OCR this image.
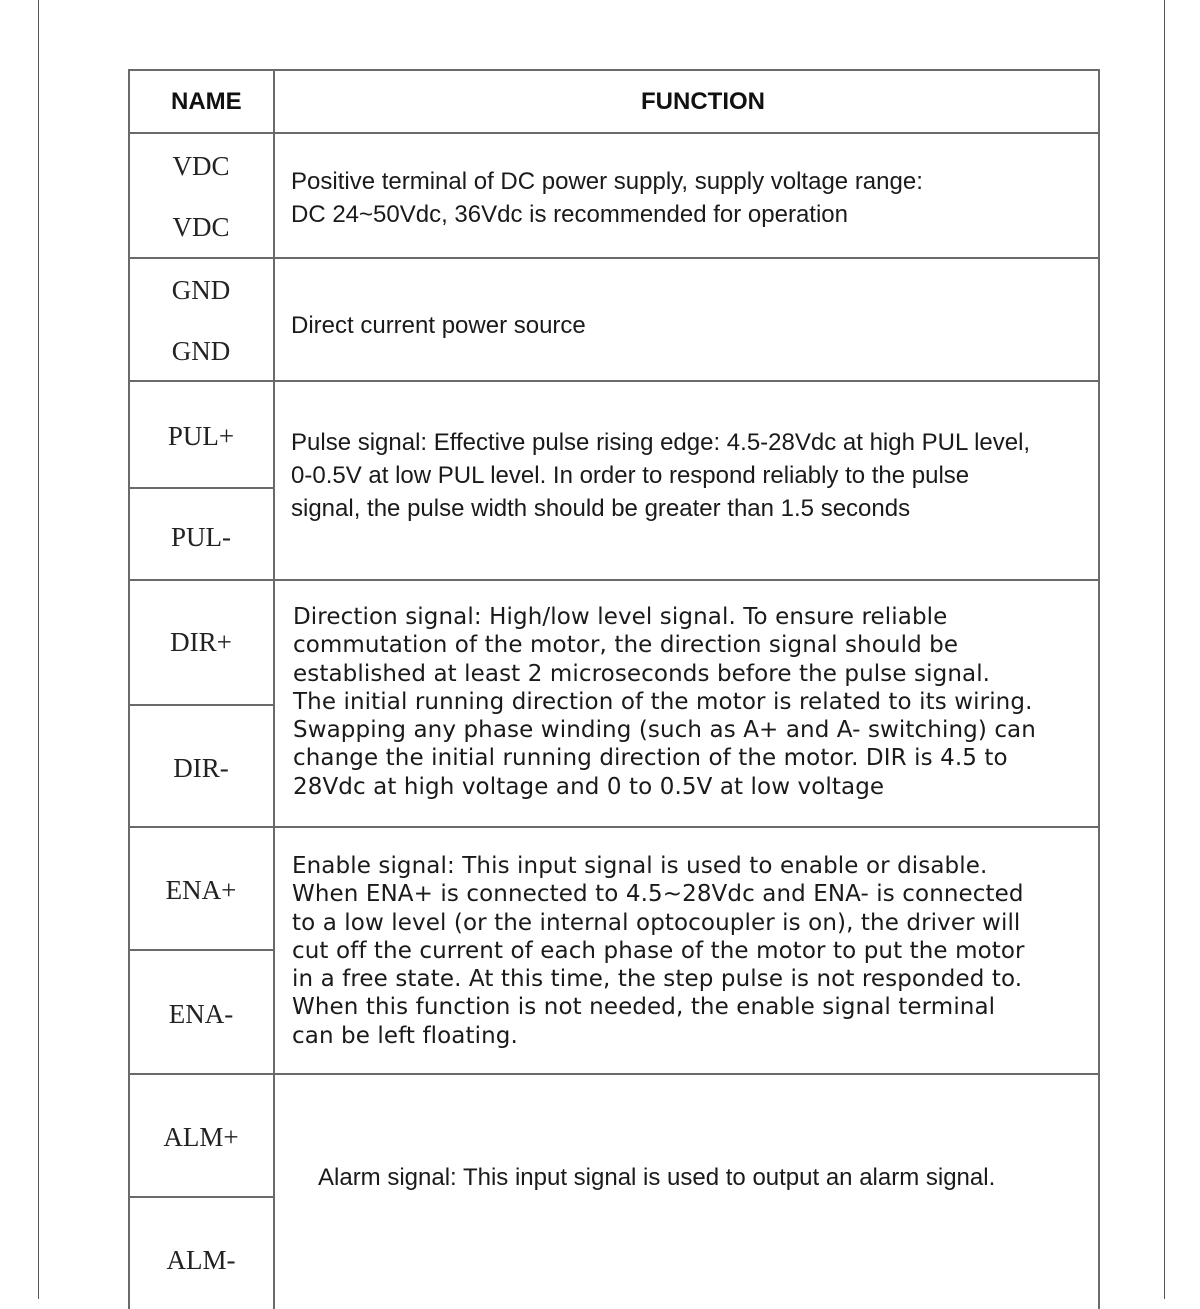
NAME	FUNCTION
VDC
VDC
Positive terminal of DC power supply, supply voltage range:
DC 24~50Vdc, 36Vdc is recommended for operation
GND
GND
Direct current power source
PUL+
PUL-
Pulse signal: Effective pulse rising edge: 4.5-28Vdc at high PUL level,
0-0.5V at low PUL level. In order to respond reliably to the pulse
signal, the pulse width should be greater than 1.5 seconds
DIR+
DIR-
Direction signal: High/low level signal. To ensure reliable
commutation of the motor, the direction signal should be
established at least 2 microseconds before the pulse signal.
The initial running direction of the motor is related to its wiring.
Swapping any phase winding (such as A+ and A- switching) can
change the initial running direction of the motor. DIR is 4.5 to
28Vdc at high voltage and 0 to 0.5V at low voltage
ENA+
ENA-
Enable signal: This input signal is used to enable or disable.
When ENA+ is connected to 4.5~28Vdc and ENA- is connected
to a low level (or the internal optocoupler is on), the driver will
cut off the current of each phase of the motor to put the motor
in a free state. At this time, the step pulse is not responded to.
When this function is not needed, the enable signal terminal
can be left floating.
ALM+
ALM-
Alarm signal: This input signal is used to output an alarm signal.
